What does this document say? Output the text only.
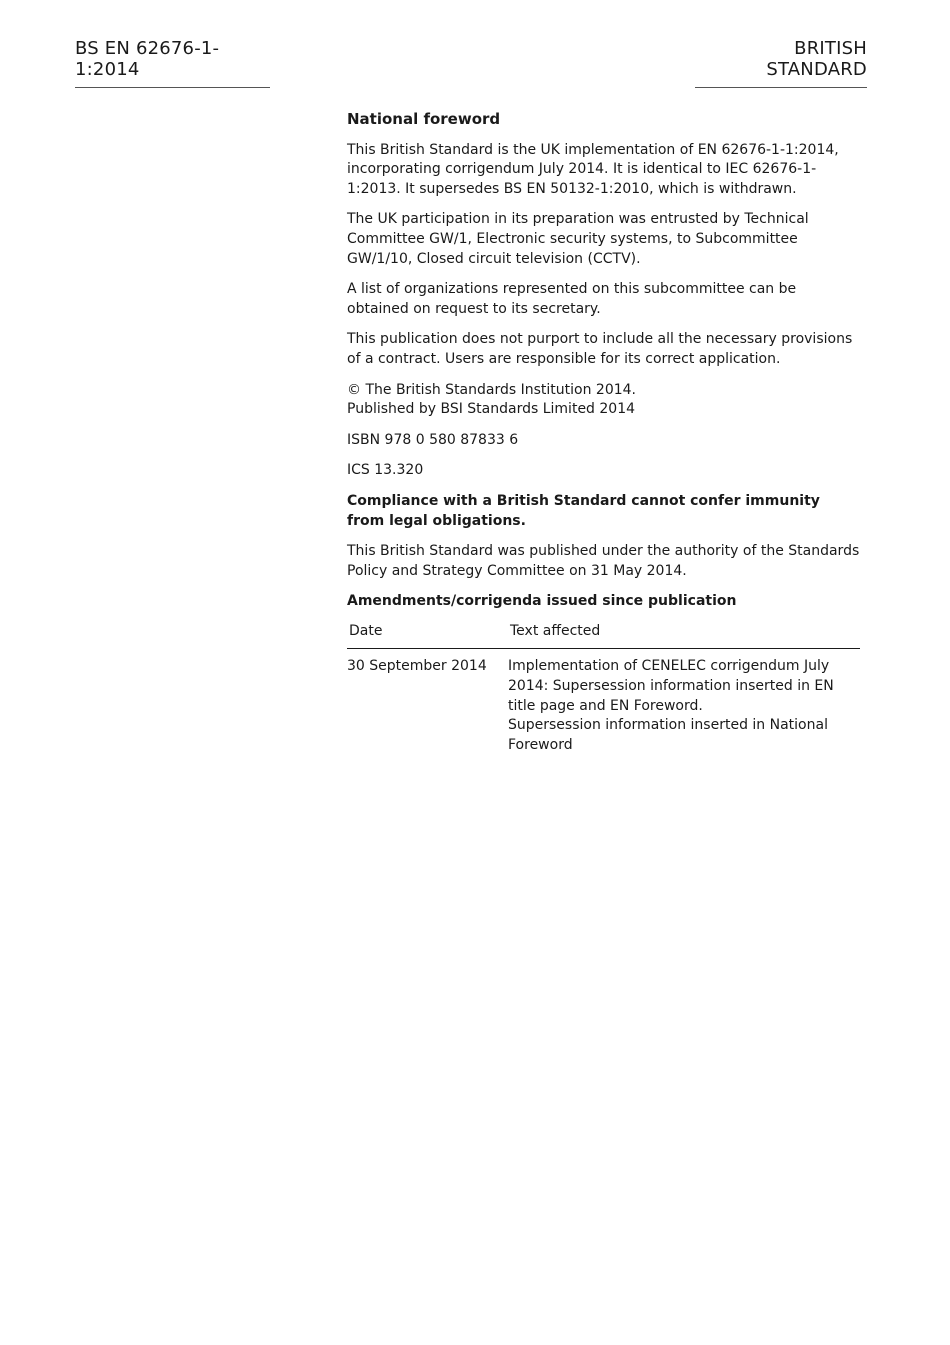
BS EN 62676-1-1:2014
BRITISH STANDARD
National foreword

This British Standard is the UK implementation of EN 62676-1-1:2014, incorporating corrigendum July 2014. It is identical to IEC 62676-1-1:2013. It supersedes BS EN 50132-1:2010, which is withdrawn.

The UK participation in its preparation was entrusted by Technical Committee GW/1, Electronic security systems, to Subcommittee GW/1/10, Closed circuit television (CCTV).

A list of organizations represented on this subcommittee can be obtained on request to its secretary.

This publication does not purport to include all the necessary provisions of a contract. Users are responsible for its correct application.

© The British Standards Institution 2014.
Published by BSI Standards Limited 2014

ISBN 978 0 580 87833 6

ICS 13.320

Compliance with a British Standard cannot confer immunity from legal obligations.

This British Standard was published under the authority of the Standards Policy and Strategy Committee on 31 May 2014.

Amendments/corrigenda issued since publication
Date	Text affected
30 September 2014	Implementation of CENELEC corrigendum July 2014: Supersession information inserted in EN title page and EN Foreword.
Supersession information inserted in National Foreword
